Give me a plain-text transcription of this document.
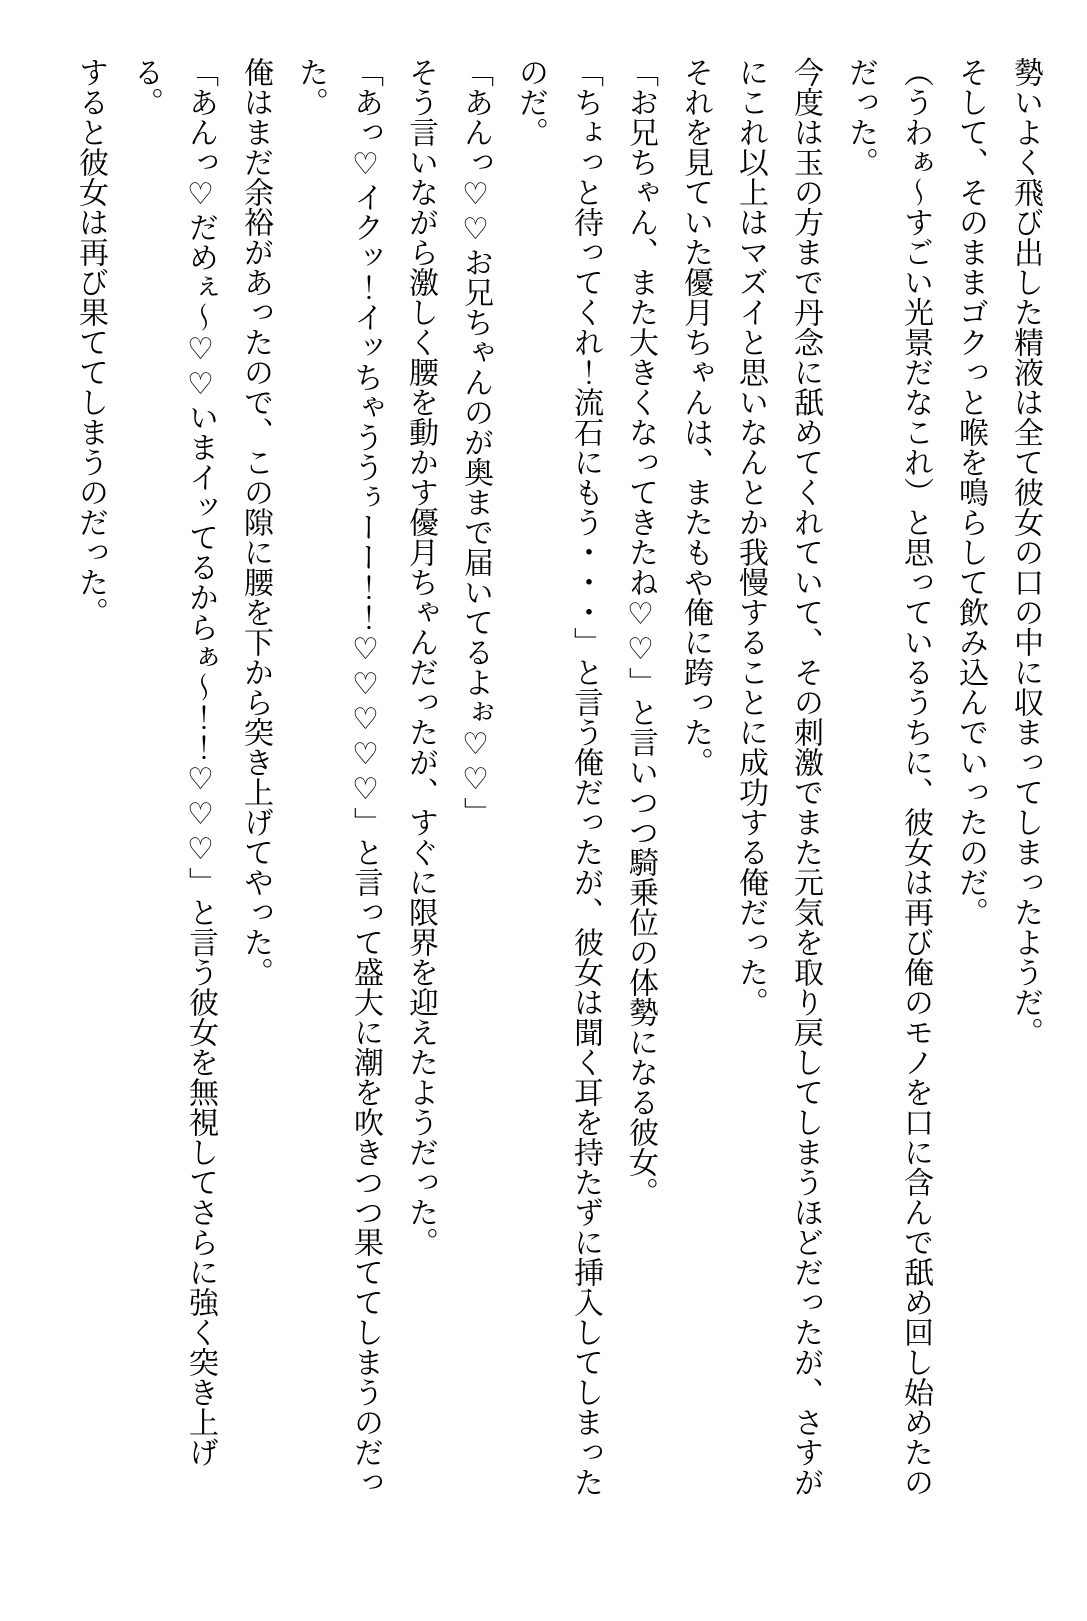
勢いよく飛び出した精液は全て彼女の口の中に収まってしまったようだ。

そして、そのままゴクっと喉を鳴らして飲み込んでいったのだ。

（うわぁ～すごい光景だなこれ）と思っているうちに、彼女は再び俺のモノを口に含んで舐め回し始めたのだった。

今度は玉の方まで丹念に舐めてくれていて、その刺激でまた元気を取り戻してしまうほどだったが、さすがにこれ以上はマズイと思いなんとか我慢することに成功する俺だった。

それを見ていた優月ちゃんは、またもや俺に跨った。

「お兄ちゃん、また大きくなってきたね♡♡」と言いつつ騎乗位の体勢になる彼女。

「ちょっと待ってくれ！流石にもう・・・」と言う俺だったが、彼女は聞く耳を持たずに挿入してしまったのだ。

「あんっ♡♡お兄ちゃんのが奥まで届いてるよぉ♡♡」

そう言いながら激しく腰を動かす優月ちゃんだったが、すぐに限界を迎えたようだった。

「あっ♡イクッ！イッちゃううぅーー！！♡♡♡♡♡」と言って盛大に潮を吹きつつ果ててしまうのだった。

俺はまだ余裕があったので、この隙に腰を下から突き上げてやった。

「あんっ♡だめぇ～♡♡いまイッてるからぁ～！！♡♡♡」と言う彼女を無視してさらに強く突き上げる。

すると彼女は再び果ててしまうのだった。
